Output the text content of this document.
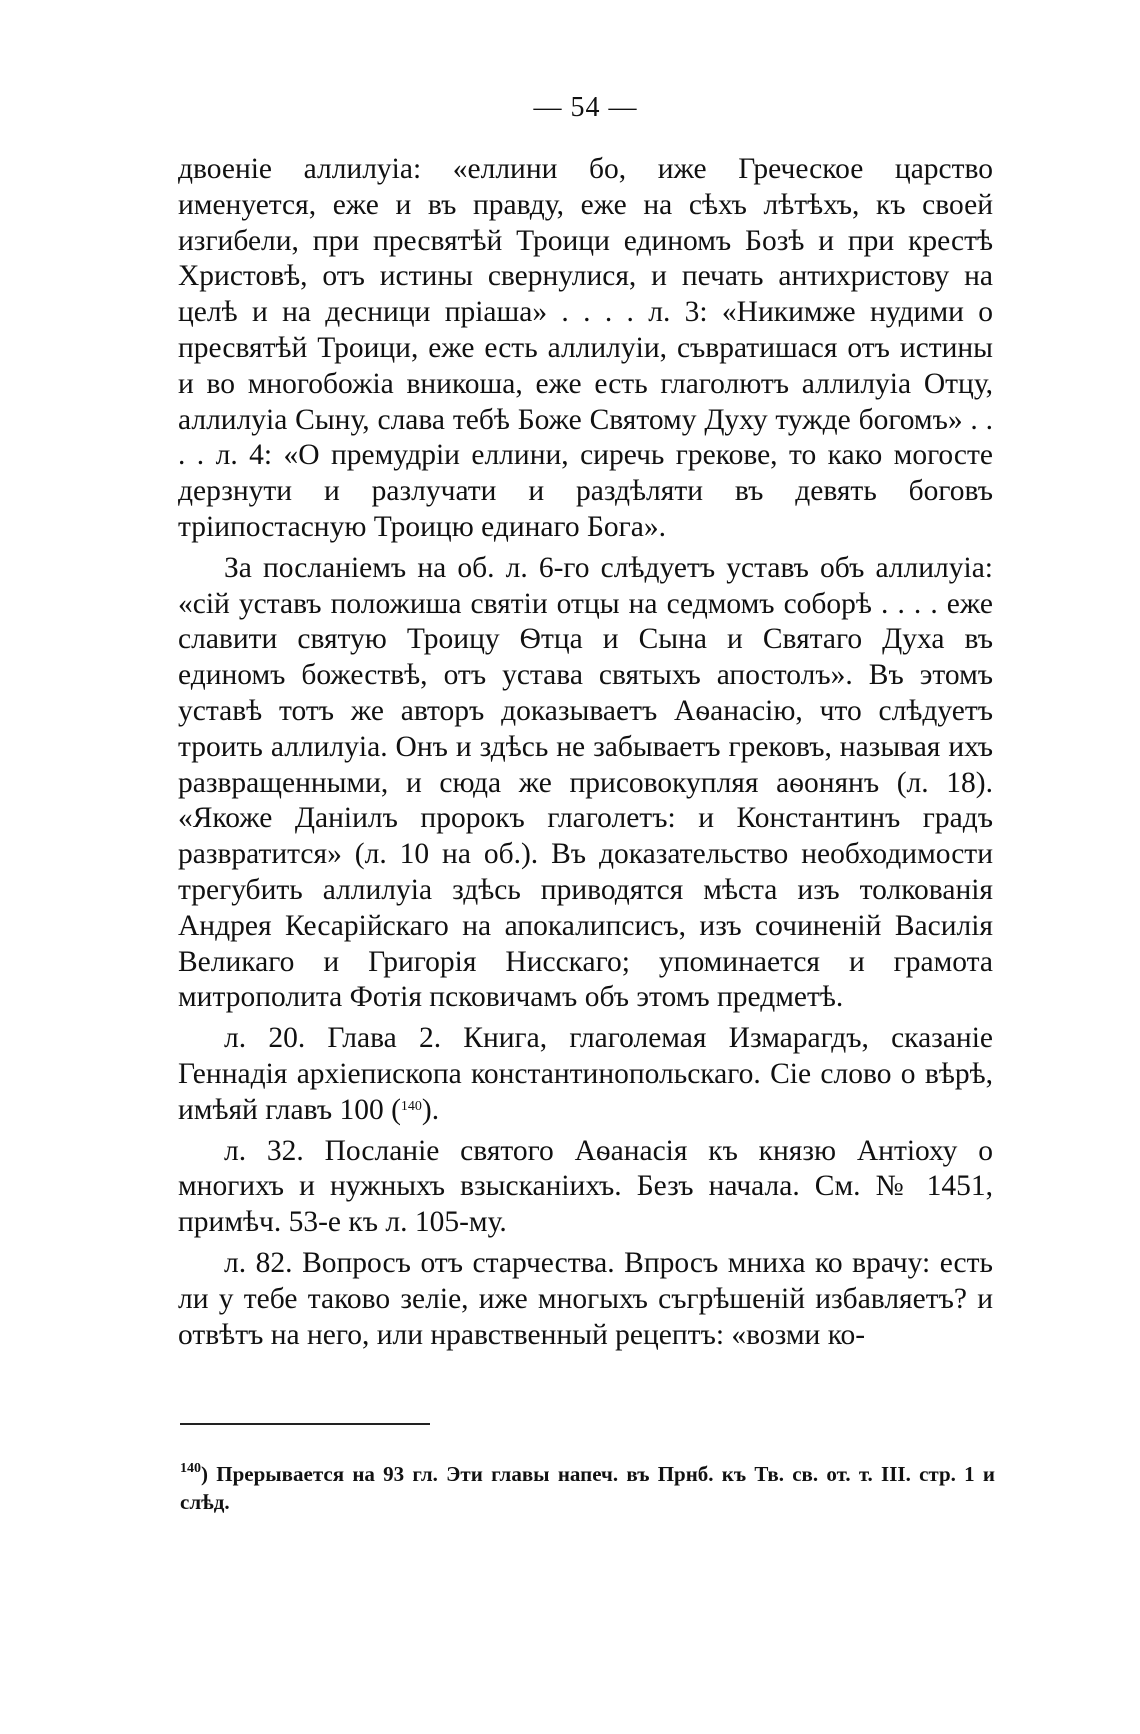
— 54 —

двоеніе аллилуіа: «еллини бо, иже Греческое царство именуется, еже и въ правду, еже на сѣхъ лѣтѣхъ, къ своей изгибели, при пресвятѣй Троици единомъ Бозѣ и при крестѣ Христовѣ, отъ истины свернулися, и печать антихристову на целѣ и на десници пріаша» . . . . л. 3: «Никимже нудими о пресвятѣй Троици, еже есть аллилуіи, съвратишася отъ истины и во многобожіа вникоша, еже есть глаголютъ аллилуіа Отцу, аллилуіа Сыну, слава тебѣ Боже Святому Духу тужде богомъ» . . . . л. 4: «О премудріи еллини, сиречь грекове, то како могосте дерзнути и разлучати и раздѣляти въ девять боговъ тріипостасную Троицю единаго Бога».

За посланіемъ на об. л. 6-го слѣдуетъ уставъ объ аллилуіа: «сій уставъ положиша святіи отцы на седмомъ соборѣ . . . . еже славити святую Троицу Ѳтца и Сына и Святаго Духа въ единомъ божествѣ, отъ устава святыхъ апостолъ». Въ этомъ уставѣ тотъ же авторъ доказываетъ Аѳанасію, что слѣдуетъ троить аллилуіа. Онъ и здѣсь не забываетъ грековъ, называя ихъ развращенными, и сюда же присовокупляя аѳонянъ (л. 18). «Якоже Даніилъ пророкъ глаголетъ: и Константинъ градъ развратится» (л. 10 на об.). Въ доказательство необходимости трегубить аллилуіа здѣсь приводятся мѣста изъ толкованія Андрея Кесарійскаго на апокалипсисъ, изъ сочиненій Василія Великаго и Григорія Нисскаго; упоминается и грамота митрополита Фотія псковичамъ объ этомъ предметѣ.

л. 20. Глава 2. Книга, глаголемая Измарагдъ, сказаніе Геннадія архіепископа константинопольскаго. Сіе слово о вѣрѣ, имѣяй главъ 100 ($^{140}$).

л. 32. Посланіе святого Аѳанасія къ князю Антіоху о многихъ и нужныхъ взысканіихъ. Безъ начала. См. № 1451, примѣч. 53-е къ л. 105-му.

л. 82. Вопросъ отъ старчества. Впросъ мниха ко врачу: есть ли у тебе таково зеліе, иже многыхъ съгрѣшеній избавляетъ? и отвѣтъ на него, или нравственный рецептъ: «возми ко-

$^{140}$) Прерывается на 93 гл. Эти главы напеч. въ Прнб. къ Тв. св. от. т. III. стр. 1 и слѣд.
